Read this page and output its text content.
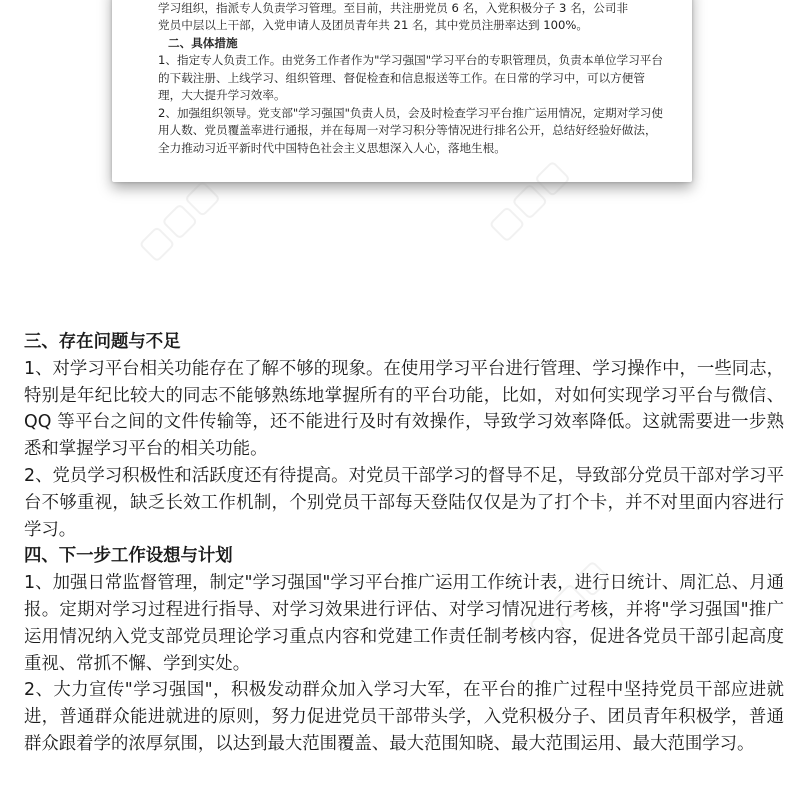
学习组织，指派专人负责学习管理。至目前，共注册党员 6 名，入党积极分子 3 名，公司非

党员中层以上干部，入党申请人及团员青年共 21 名，其中党员注册率达到 100%。

二、具体措施

1、指定专人负责工作。由党务工作者作为"学习强国"学习平台的专职管理员，负责本单位学习平台的下载注册、上线学习、组织管理、督促检查和信息报送等工作。在日常的学习中，可以方便管理，大大提升学习效率。

2、加强组织领导。党支部"学习强国"负责人员，会及时检查学习平台推广运用情况，定期对学习使用人数、党员覆盖率进行通报，并在每周一对学习积分等情况进行排名公开，总结好经验好做法，全力推动习近平新时代中国特色社会主义思想深入人心，落地生根。

三、存在问题与不足

1、对学习平台相关功能存在了解不够的现象。在使用学习平台进行管理、学习操作中，一些同志，特别是年纪比较大的同志不能够熟练地掌握所有的平台功能，比如，对如何实现学习平台与微信、QQ 等平台之间的文件传输等，还不能进行及时有效操作，导致学习效率降低。这就需要进一步熟悉和掌握学习平台的相关功能。

2、党员学习积极性和活跃度还有待提高。对党员干部学习的督导不足，导致部分党员干部对学习平台不够重视，缺乏长效工作机制，个别党员干部每天登陆仅仅是为了打个卡，并不对里面内容进行学习。

四、下一步工作设想与计划

1、加强日常监督管理，制定"学习强国"学习平台推广运用工作统计表，进行日统计、周汇总、月通报。定期对学习过程进行指导、对学习效果进行评估、对学习情况进行考核，并将"学习强国"推广运用情况纳入党支部党员理论学习重点内容和党建工作责任制考核内容，促进各党员干部引起高度重视、常抓不懈、学到实处。

2、大力宣传"学习强国"，积极发动群众加入学习大军，在平台的推广过程中坚持党员干部应进就进，普通群众能进就进的原则，努力促进党员干部带头学，入党积极分子、团员青年积极学，普通群众跟着学的浓厚氛围，以达到最大范围覆盖、最大范围知晓、最大范围运用、最大范围学习。

▢▢▢	▢▢▢
▢▢▢
